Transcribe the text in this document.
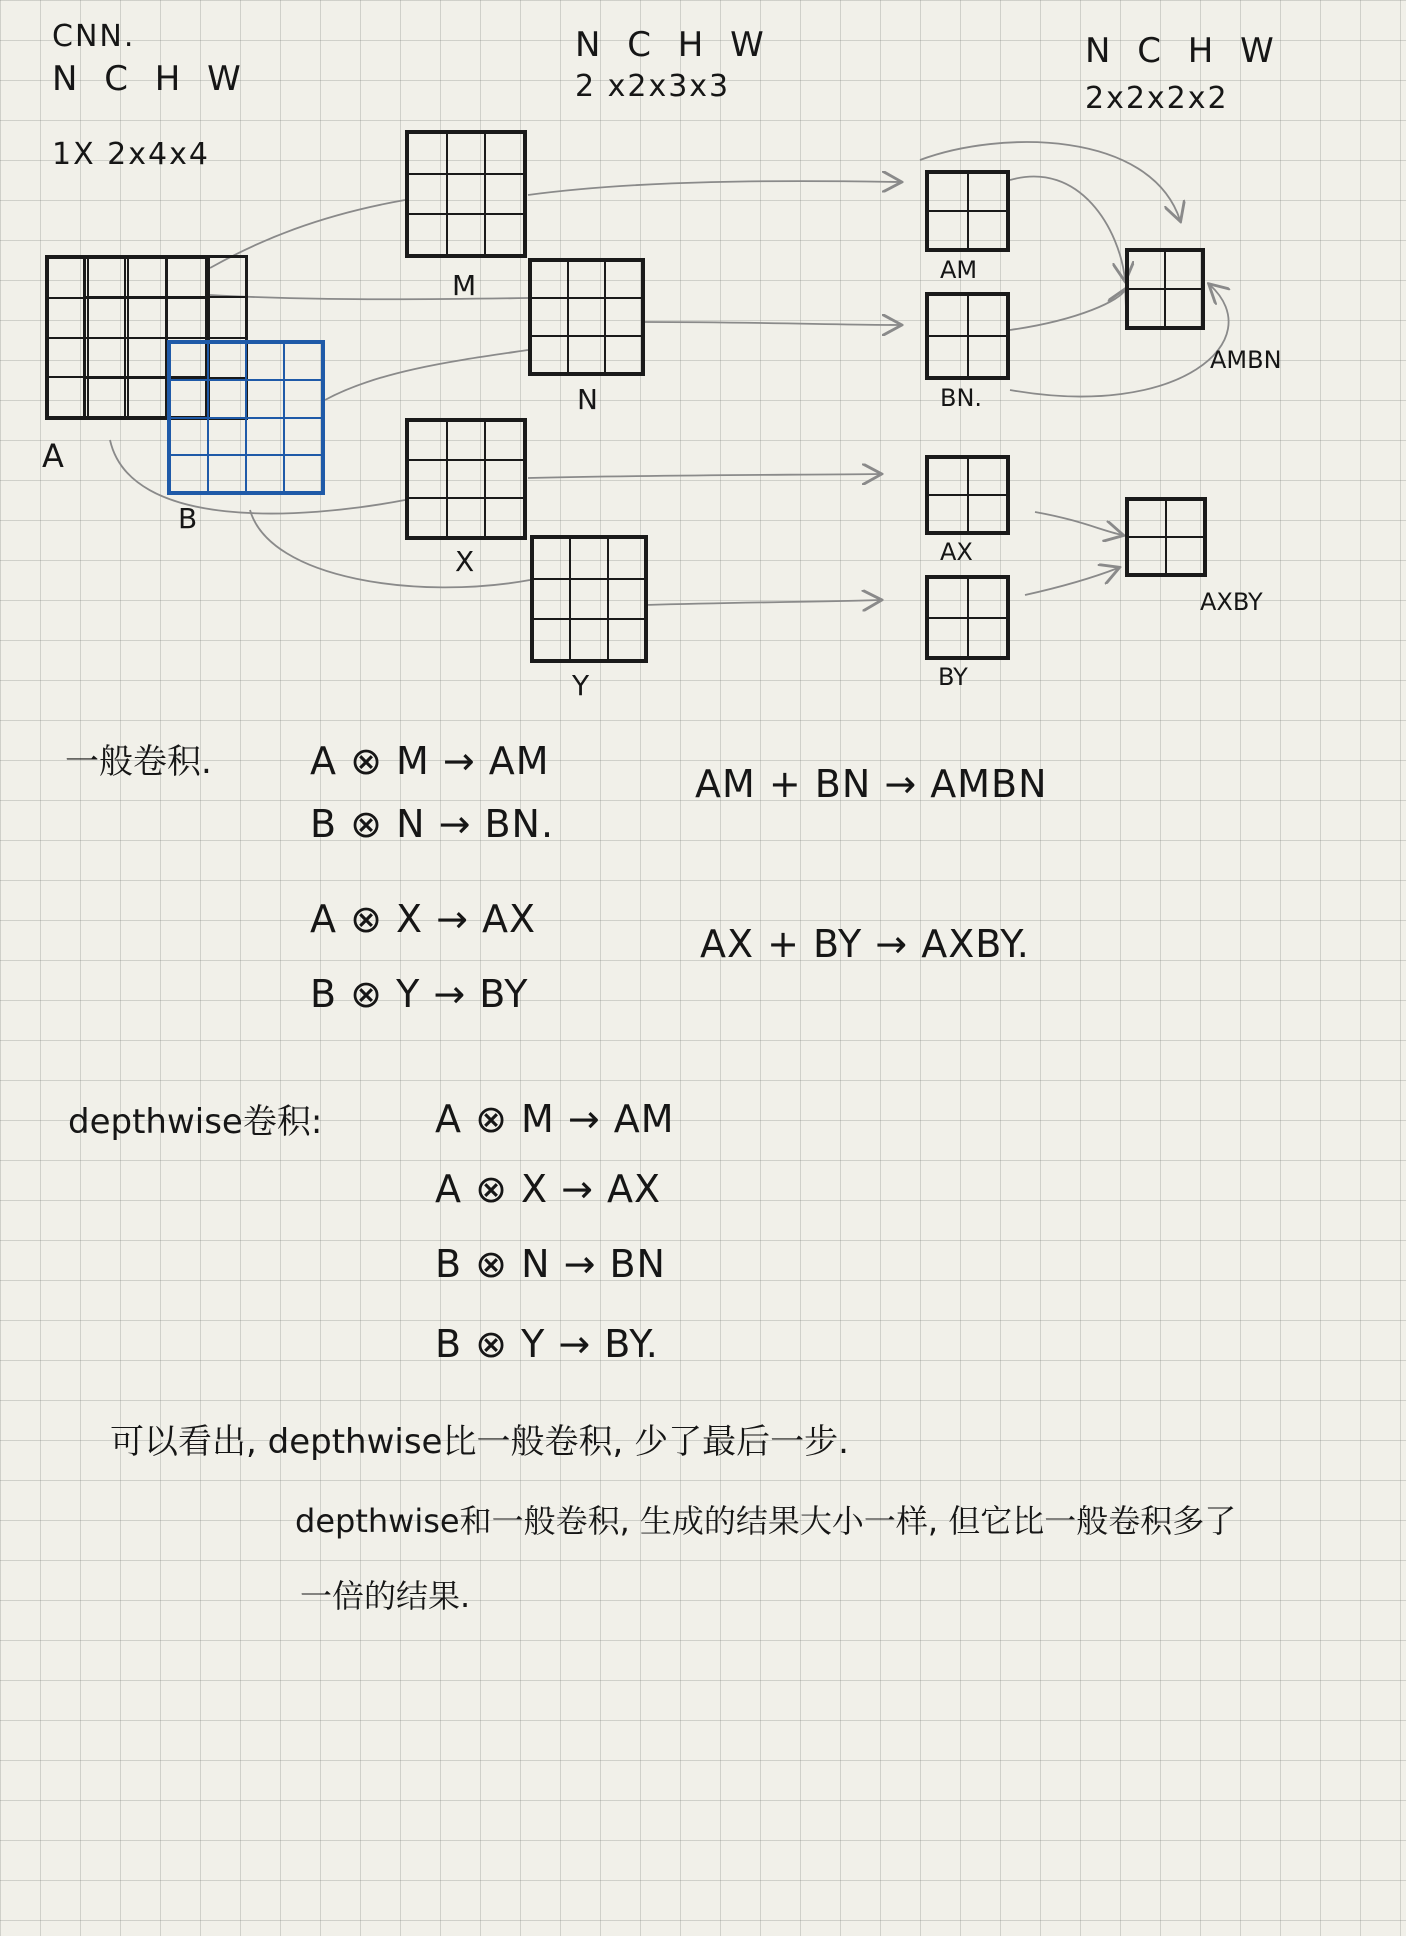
CNN.
N C H W
1X 2x4x4
N C H W
2 x2x3x3
N C H W
2x2x2x2
A
B
M
N
X
Y
AM
BN.
AX
BY
AMBN
AXBY
一般卷积.	A ⊗ M → AM
B ⊗ N → BN.
A ⊗ X → AX
B ⊗ Y → BY
AM + BN → AMBN
AX + BY → AXBY.
depthwise卷积:	A ⊗ M → AM
A ⊗ X → AX
B ⊗ N → BN
B ⊗ Y → BY.
可以看出, depthwise比一般卷积, 少了最后一步.
depthwise和一般卷积, 生成的结果大小一样, 但它比一般卷积多了
一倍的结果.
